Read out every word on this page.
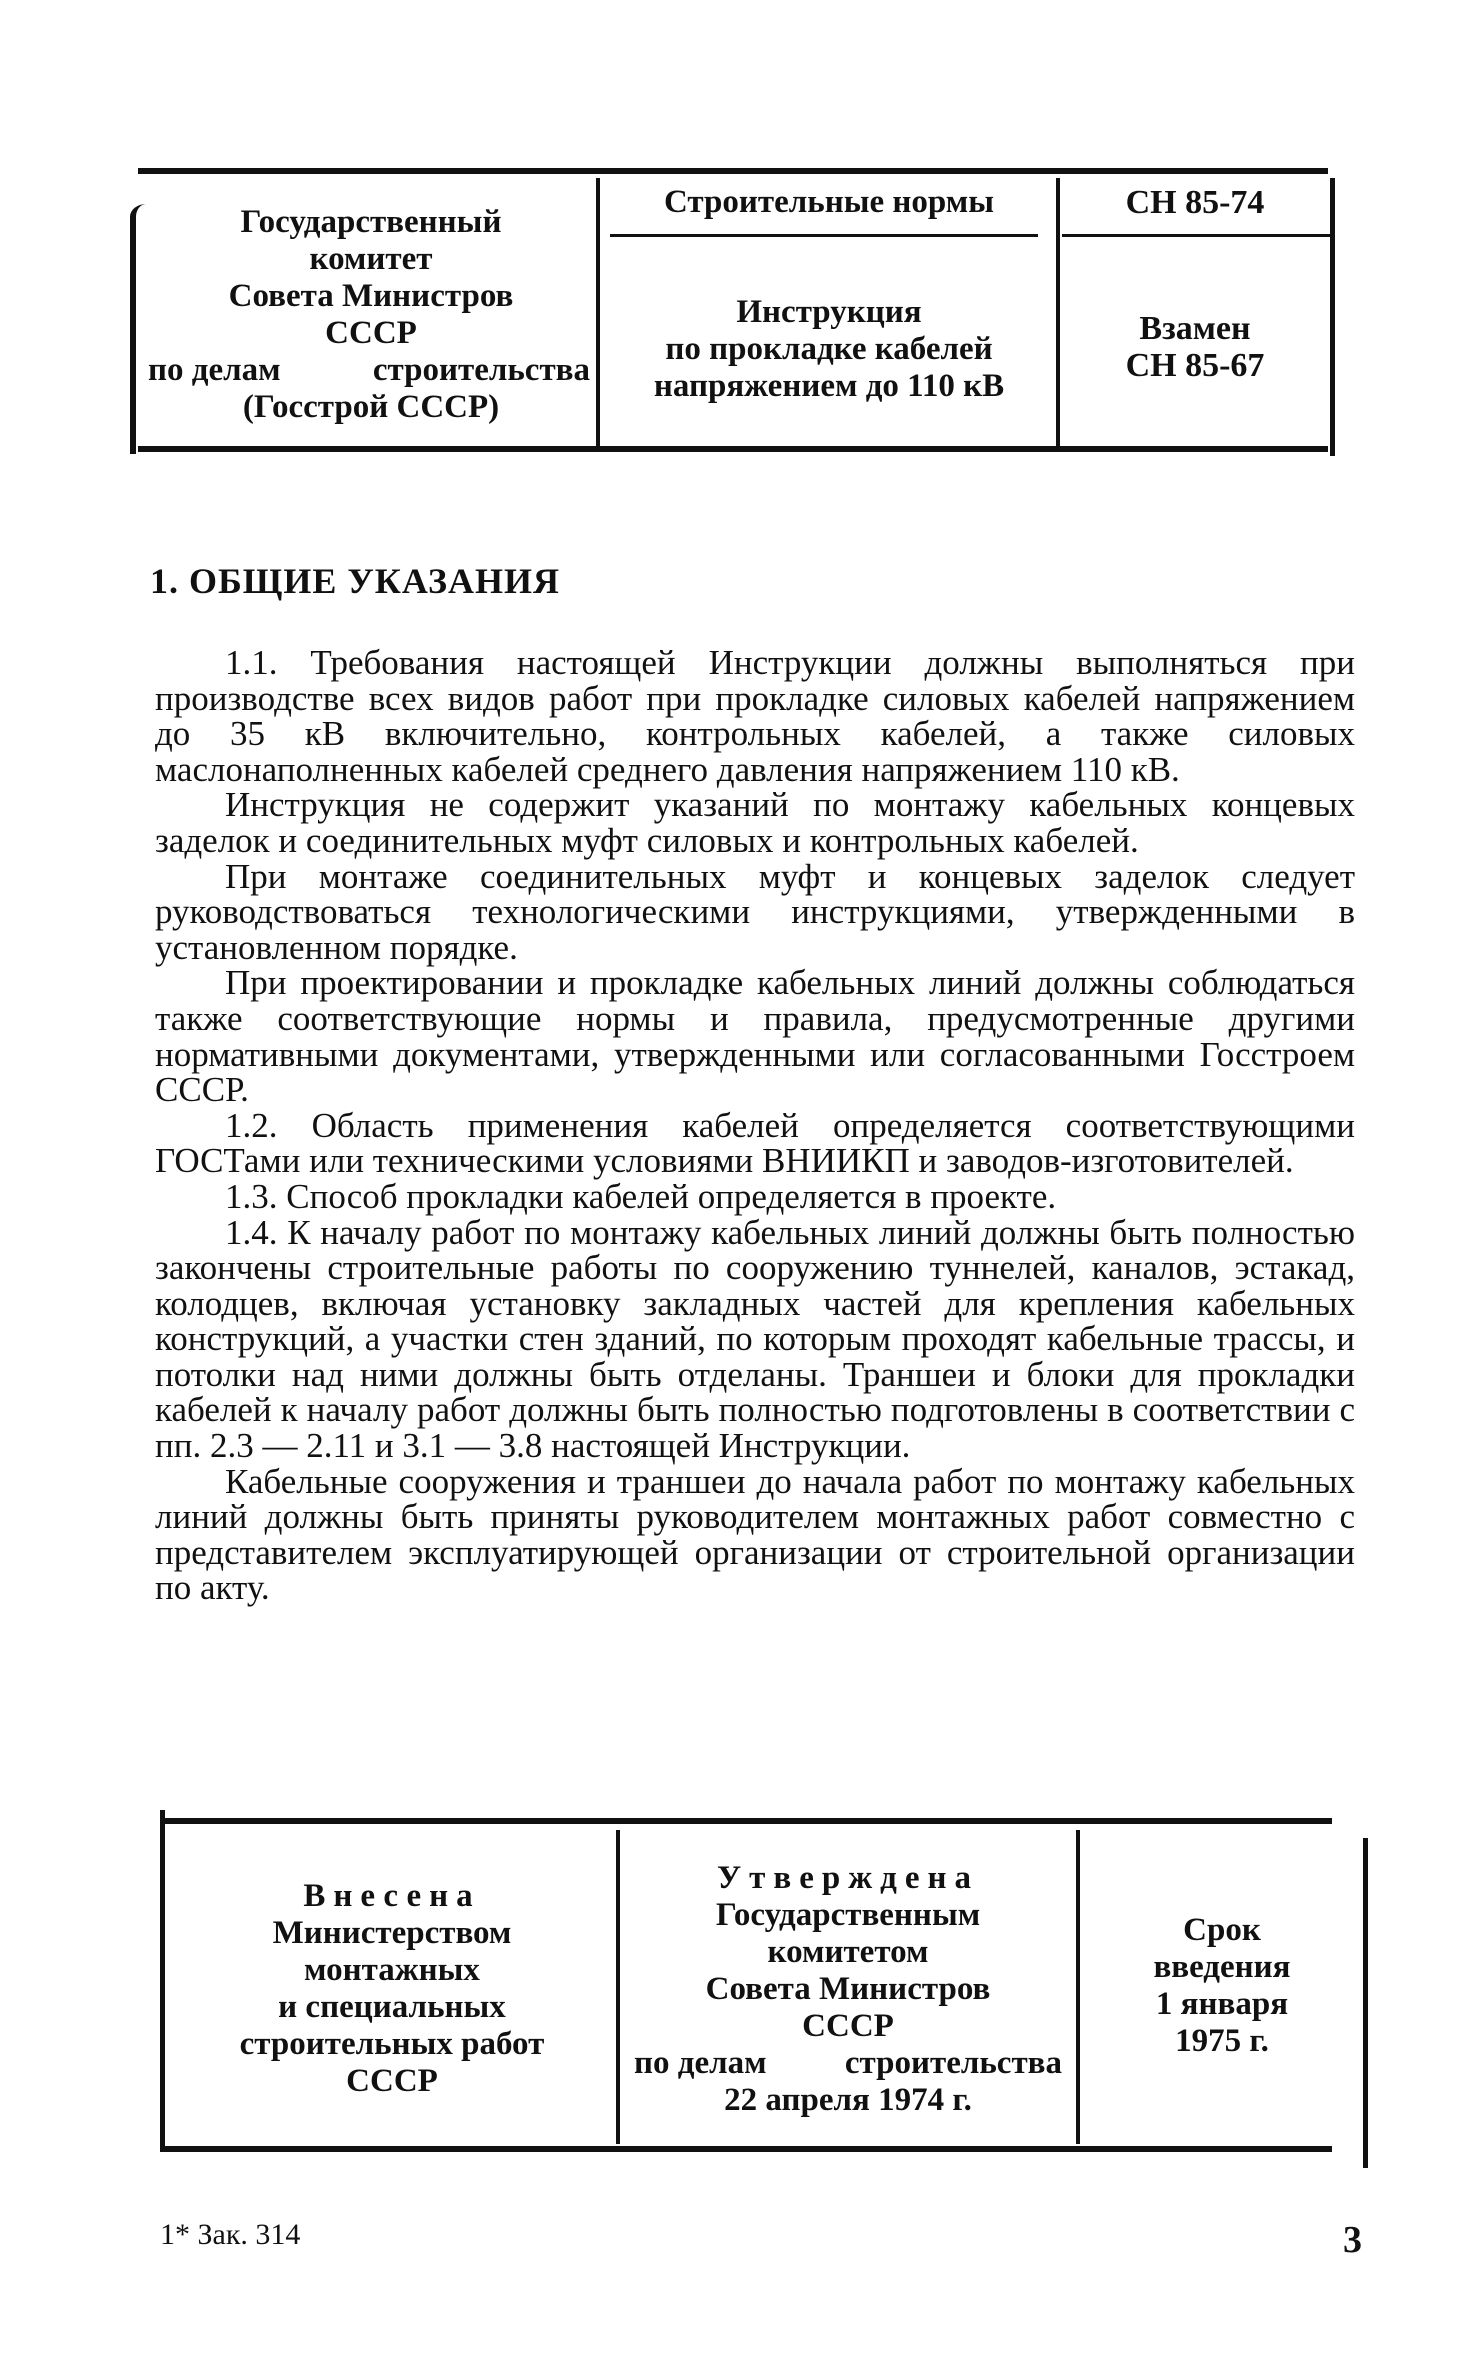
Государственный
комитет
Совета Министров
СССР
по делам	строительства
(Госстрой СССР)
Строительные нормы
Инструкция
по прокладке кабелей
напряжением до 110 кВ
СН 85-74
Взамен
СН 85-67
1. ОБЩИЕ УКАЗАНИЯ

1.1. Требования настоящей Инструкции должны выполняться при производстве всех видов работ при прокладке силовых кабелей напряжением до 35 кВ включительно, контрольных кабелей, а также силовых маслонаполненных кабелей среднего давления напряжением 110 кВ.

Инструкция не содержит указаний по монтажу кабельных концевых заделок и соединительных муфт силовых и контрольных кабелей.

При монтаже соединительных муфт и концевых заделок следует руководствоваться технологическими инструкциями, утвержденными в установленном порядке.

При проектировании и прокладке кабельных линий должны соблюдаться также соответствующие нормы и правила, предусмотренные другими нормативными документами, утвержденными или согласованными Госстроем СССР.

1.2. Область применения кабелей определяется соответствующими ГОСТами или техническими условиями ВНИИКП и заводов-изготовителей.

1.3. Способ прокладки кабелей определяется в проекте.

1.4. К началу работ по монтажу кабельных линий должны быть полностью закончены строительные работы по сооружению туннелей, каналов, эстакад, колодцев, включая установку закладных частей для крепления кабельных конструкций, а участки стен зданий, по которым проходят кабельные трассы, и потолки над ними должны быть отделаны. Траншеи и блоки для прокладки кабелей к началу работ должны быть полностью подготовлены в соответствии с пп. 2.3 — 2.11 и 3.1 — 3.8 настоящей Инструкции.

Кабельные сооружения и траншеи до начала работ по монтажу кабельных линий должны быть приняты руководителем монтажных работ совместно с представителем эксплуатирующей организации от строительной организации по акту.

Внесена
Министерством
монтажных
и специальных
строительных работ
СССР
Утверждена
Государственным
комитетом
Совета Министров
СССР
по делам строительства
22 апреля 1974 г.
Срок
введения
1 января
1975 г.
1* Зак. 314	3
